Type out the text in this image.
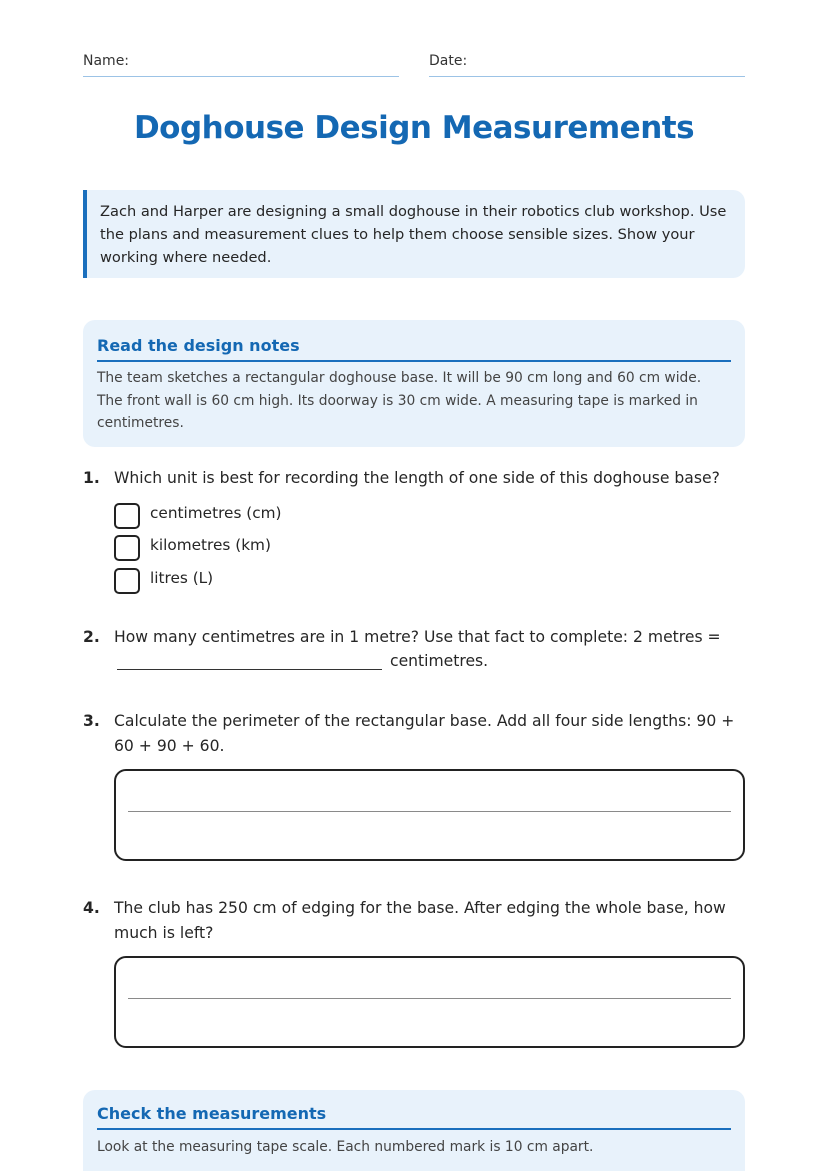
Name:	Date:
Doghouse Design Measurements
Zach and Harper are designing a small doghouse in their robotics club workshop. Use the plans and measurement clues to help them choose sensible sizes. Show your working where needed.
Read the design notes
The team sketches a rectangular doghouse base. It will be 90 cm long and 60 cm wide. The front wall is 60 cm high. Its doorway is 30 cm wide. A measuring tape is marked in centimetres.
1. Which unit is best for recording the length of one side of this doghouse base?
centimetres (cm)
kilometres (km)
litres (L)
2. How many centimetres are in 1 metre? Use that fact to complete: 2 metres =
centimetres.
3. Calculate the perimeter of the rectangular base. Add all four side lengths: 90 + 60 + 90 + 60.
4. The club has 250 cm of edging for the base. After edging the whole base, how much is left?
Check the measurements
Look at the measuring tape scale. Each numbered mark is 10 cm apart.
